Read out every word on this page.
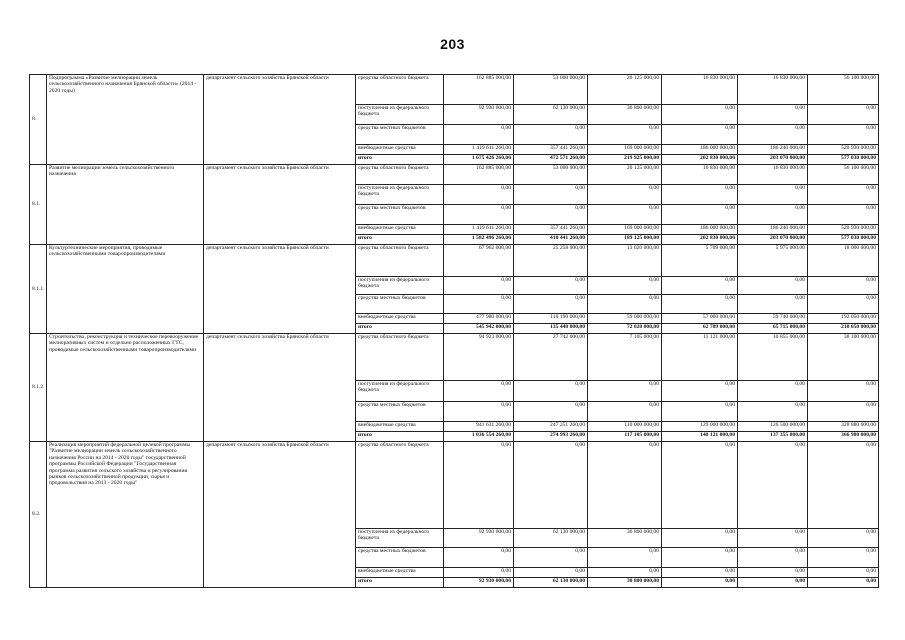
203
8.	Подпрограмма «Развитие мелиорации земель сельскохозяйственного назначения Брянской области» (2014 - 2020 годы)	департамент сельского хозяйства Брянской области	средства областного бюджета	162 885 000,00	53 000 000,00	20 125 000,00	16 830 000,00	16 830 000,00	56 100 000,00
			поступления из федерального бюджета	92 930 000,00	62 130 000,00	30 800 000,00	0,00	0,00	0,00
			средства местных бюджетов	0,00	0,00	0,00	0,00	0,00	0,00
			внебюджетные средства	1 419 611 260,00	357 441 260,00	169 000 000,00	186 000 000,00	186 240 000,00	520 930 000,00
			итого	1 675 426 260,00	472 571 260,00	219 925 000,00	202 830 000,00	203 070 000,00	577 030 000,00
8.1.	Развитие мелиорации земель сельскохозяйственного назначения	департамент сельского хозяйства Брянской области	средства областного бюджета	162 885 000,00	53 000 000,00	20 125 000,00	16 830 000,00	16 830 000,00	56 100 000,00
			поступления из федерального бюджета	0,00	0,00	0,00	0,00	0,00	0,00
			средства местных бюджетов	0,00	0,00	0,00	0,00	0,00	0,00
			внебюджетные средства	1 419 611 260,00	357 441 260,00	169 000 000,00	186 000 000,00	186 240 000,00	520 930 000,00
			итого	1 582 496 260,00	410 441 260,00	189 125 000,00	202 830 000,00	203 070 000,00	577 030 000,00
8.1.1.	Культуртехнические мероприятия, проводимые сельскохозяйственными товаропроизводителями	департамент сельского хозяйства Брянской области	средства областного бюджета	67 962 000,00	25 258 000,00	13 020 000,00	5 709 000,00	5 975 000,00	18 000 000,00
			поступления из федерального бюджета	0,00	0,00	0,00	0,00	0,00	0,00
			средства местных бюджетов	0,00	0,00	0,00	0,00	0,00	0,00
			внебюджетные средства	477 980 000,00	110 190 000,00	59 000 000,00	57 000 000,00	59 740 000,00	192 050 000,00
			итого	545 942 000,00	135 448 000,00	72 020 000,00	62 709 000,00	65 715 000,00	210 050 000,00
8.1.2.	Строительство, реконструкция и техническое перевооружение мелиоративных систем и отдельно расположенных ГТС, проводимые сельскохозяйственными товаропроизводителями	департамент сельского хозяйства Брянской области	средства областного бюджета	94 923 000,00	27 742 000,00	7 105 000,00	11 121 000,00	10 855 000,00	38 100 000,00
			поступления из федерального бюджета	0,00	0,00	0,00	0,00	0,00	0,00
			средства местных бюджетов	0,00	0,00	0,00	0,00	0,00	0,00
			внебюджетные средства	941 631 260,00	247 251 260,00	110 000 000,00	129 000 000,00	126 500 000,00	328 880 000,00
			итого	1 036 554 260,00	274 993 260,00	117 105 000,00	140 121 000,00	137 355 000,00	366 980 000,00
8.2.	Реализация мероприятий федеральной целевой программы "Развитие мелиорации земель сельскохозяйственного назначения России на 2014 - 2020 годы" государственной программы Российской Федерации "Государственная программа развития сельского хозяйства и регулирования рынков сельскохозяйственной продукции, сырья и продовольствия на 2013 - 2020 годы"	департамент сельского хозяйства Брянской области	средства областного бюджета	0,00	0,00	0,00	0,00	0,00	0,00
			поступления из федерального бюджета	92 930 000,00	62 130 000,00	30 800 000,00	0,00	0,00	0,00
			средства местных бюджетов	0,00	0,00	0,00	0,00	0,00	0,00
			внебюджетные средства	0,00	0,00	0,00	0,00	0,00	0,00
			итого	92 930 000,00	62 130 000,00	30 800 000,00	0,00	0,00	0,00
